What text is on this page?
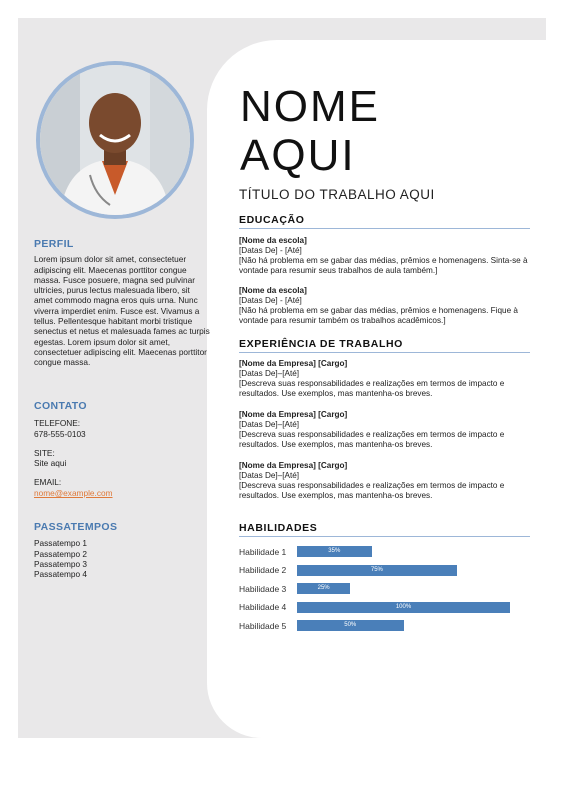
PERFIL
Lorem ipsum dolor sit amet, consectetuer adipiscing elit. Maecenas porttitor congue massa. Fusce posuere, magna sed pulvinar ultricies, purus lectus malesuada libero, sit amet commodo magna eros quis urna. Nunc viverra imperdiet enim. Fusce est. Vivamus a tellus. Pellentesque habitant morbi tristique senectus et netus et malesuada fames ac turpis egestas. Lorem ipsum dolor sit amet, consectetuer adipiscing elit. Maecenas porttitor congue massa.
CONTATO
TELEFONE:
678-555-0103
SITE:
Site aqui
EMAIL:
nome@example.com
PASSATEMPOS
Passatempo 1
Passatempo 2
Passatempo 3
Passatempo 4
NOME
AQUI
TÍTULO DO TRABALHO AQUI
EDUCAÇÃO
[Nome da escola]
[Datas De] - [Até]
[Não há problema em se gabar das médias, prêmios e homenagens. Sinta-se à vontade para resumir seus trabalhos de aula também.]
[Nome da escola]
[Datas De] - [Até]
[Não há problema em se gabar das médias, prêmios e homenagens. Fique à vontade para resumir também os trabalhos acadêmicos.]
EXPERIÊNCIA DE TRABALHO
[Nome da Empresa] [Cargo]
[Datas De]–[Até]
[Descreva suas responsabilidades e realizações em termos de impacto e resultados. Use exemplos, mas mantenha-os breves.
[Nome da Empresa] [Cargo]
[Datas De]–[Até]
[Descreva suas responsabilidades e realizações em termos de impacto e resultados. Use exemplos, mas mantenha-os breves.
[Nome da Empresa] [Cargo]
[Datas De]–[Até]
[Descreva suas responsabilidades e realizações em termos de impacto e resultados. Use exemplos, mas mantenha-os breves.
HABILIDADES
Habilidade 1	35%
Habilidade 2	75%
Habilidade 3	25%
Habilidade 4	100%
Habilidade 5	50%
